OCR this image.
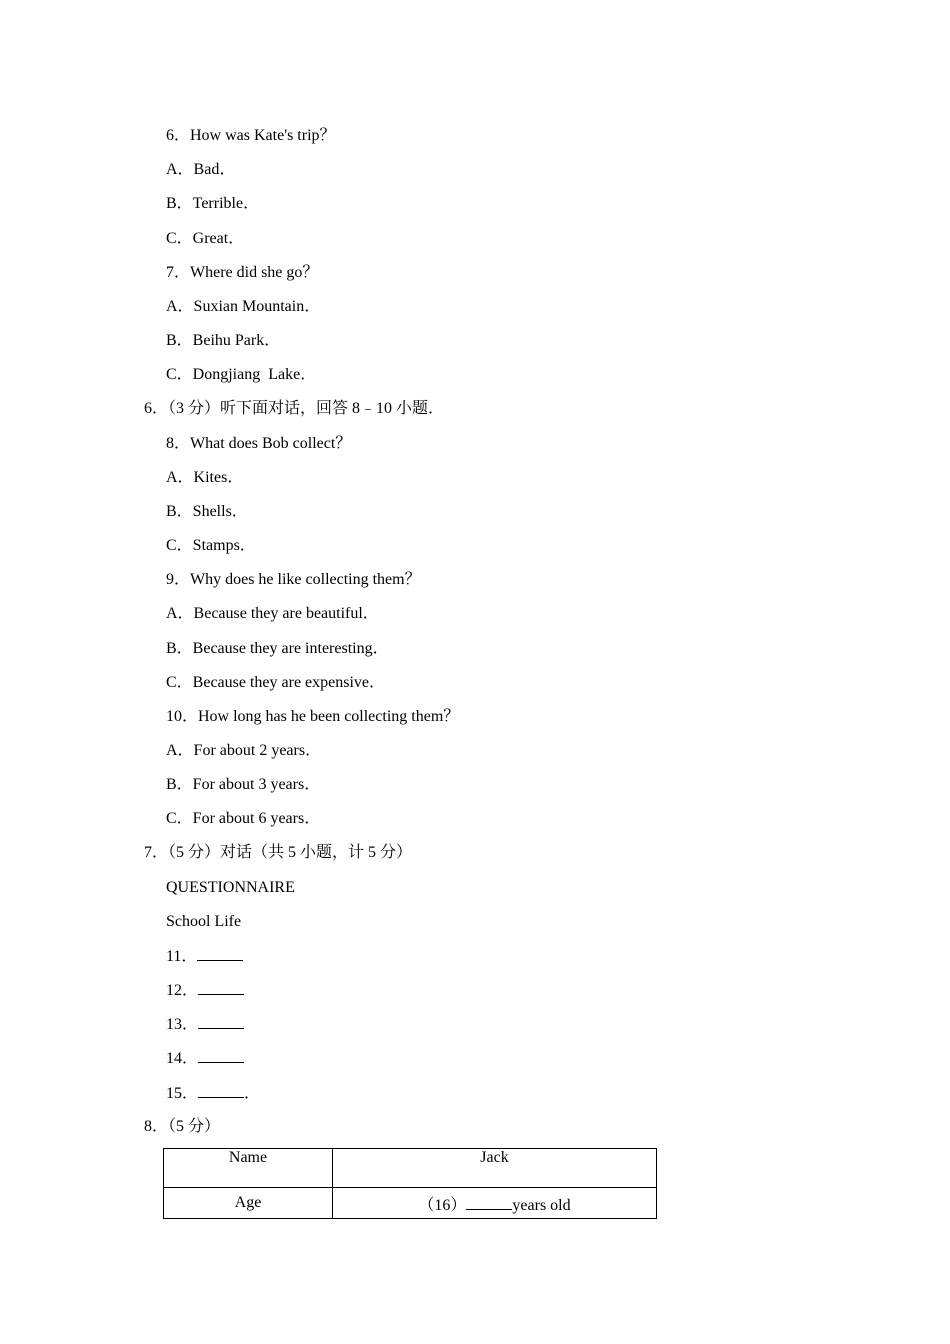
6．How was Kate's trip？
A．Bad．
B．Terrible．
C．Great．
7．Where did she go？
A．Suxian Mountain．
B．Beihu Park．
C．Dongjiang  Lake．
6．（3 分）听下面对话，回答 8﹣10 小题．
8．What does Bob collect？
A．Kites．
B．Shells．
C．Stamps．
9．Why does he like collecting them？
A．Because they are beautiful．
B．Because they are interesting．
C．Because they are expensive．
10．How long has he been collecting them？
A．For about 2 years．
B．For about 3 years．
C．For about 6 years．
7．（5 分）对话（共 5 小题，计 5 分）
QUESTIONNAIRE
School Life
11．
12．
13．
14．
15．	．
8．（5 分）
Name	Jack
Age	（16） years old
